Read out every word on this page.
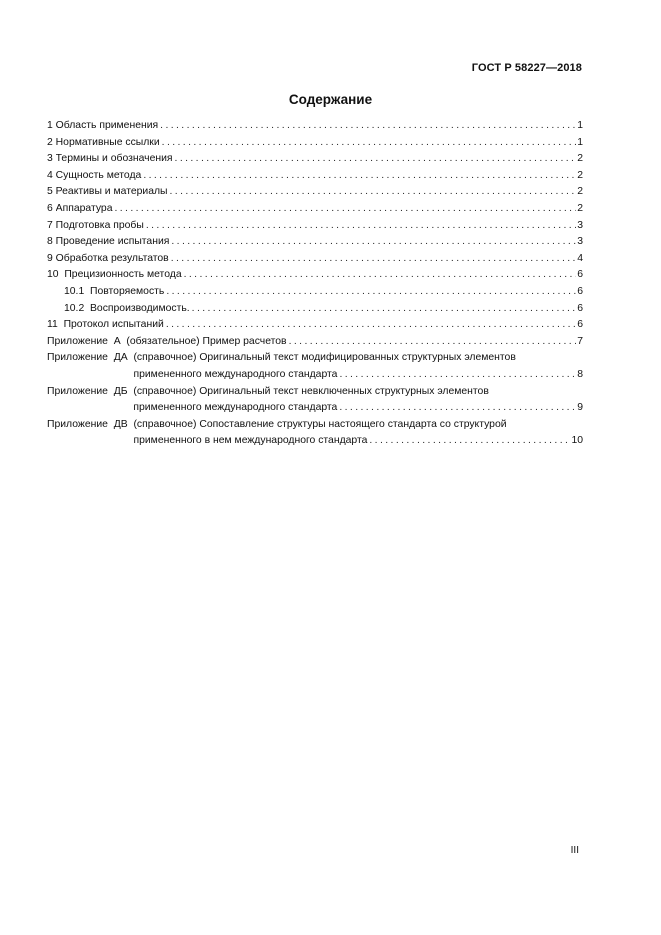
ГОСТ Р 58227—2018
Содержание
1 Область применения .....	1
2 Нормативные ссылки .....	1
3 Термины и обозначения .....	2
4 Сущность метода .....	2
5 Реактивы и материалы .....	2
6 Аппаратура .....	2
7 Подготовка пробы .....	3
8 Проведение испытания .....	3
9 Обработка результатов .....	4
10 Прецизионность метода .....	6
10.1 Повторяемость .....	6
10.2 Воспроизводимость. .....	6
11 Протокол испытаний .....	6
Приложение  А (обязательное) Пример расчетов .....	7
Приложение  ДА (справочное) Оригинальный текст модифицированных структурных элементов
примененного международного стандарта .....	8
Приложение  ДБ (справочное) Оригинальный текст невключенных структурных элементов
примененного международного стандарта .....	9
Приложение  ДВ (справочное) Сопоставление структуры настоящего стандарта со структурой
примененного в нем международного стандарта .....	10
III
